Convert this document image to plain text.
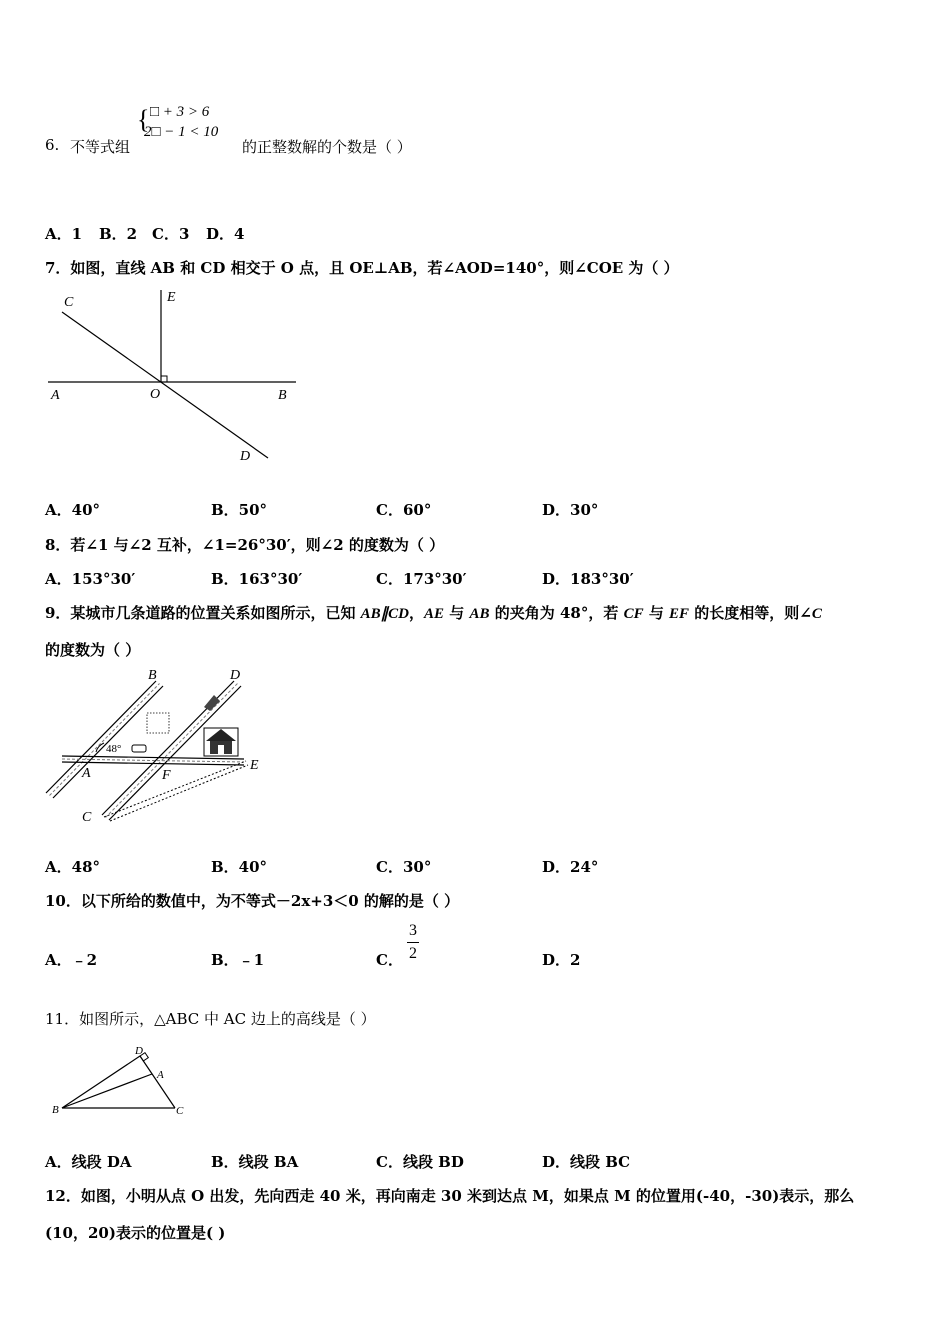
6. 不等式组
{ □ + 3 > 6
2□ − 1 < 10
的正整数解的个数是（ ）
A．1 B．2 C．3 D．4
7．如图，直线 AB 和 CD 相交于 O 点，且 OE⊥AB，若∠AOD=140°，则∠COE 为（ ）
C	E
A	O	B
D
A．40°	B．50°	C．60°	D．30°
8．若∠1 与∠2 互补，∠1=26°30′，则∠2 的度数为（ ）
A．153°30′	B．163°30′	C．173°30′	D．183°30′
9．某城市几条道路的位置关系如图所示，已知 AB∥CD，AE 与 AB 的夹角为 48°，若 CF 与 EF 的长度相等，则∠C
的度数为（ ）
48°
B	D
A	F
E
C
A．48°	B．40°	C．30°	D．24°
10．以下所给的数值中，为不等式－2x+3＜0 的解的是（ ）
A．﹣2	B．﹣1	C．
3
2	D．2
11．如图所示，△ABC 中 AC 边上的高线是（ ）
D
A
B	C
A．线段 DA	B．线段 BA	C．线段 BD	D．线段 BC
12．如图，小明从点 O 出发，先向西走 40 米，再向南走 30 米到达点 M，如果点 M 的位置用(-40，-30)表示，那么
(10，20)表示的位置是( )
